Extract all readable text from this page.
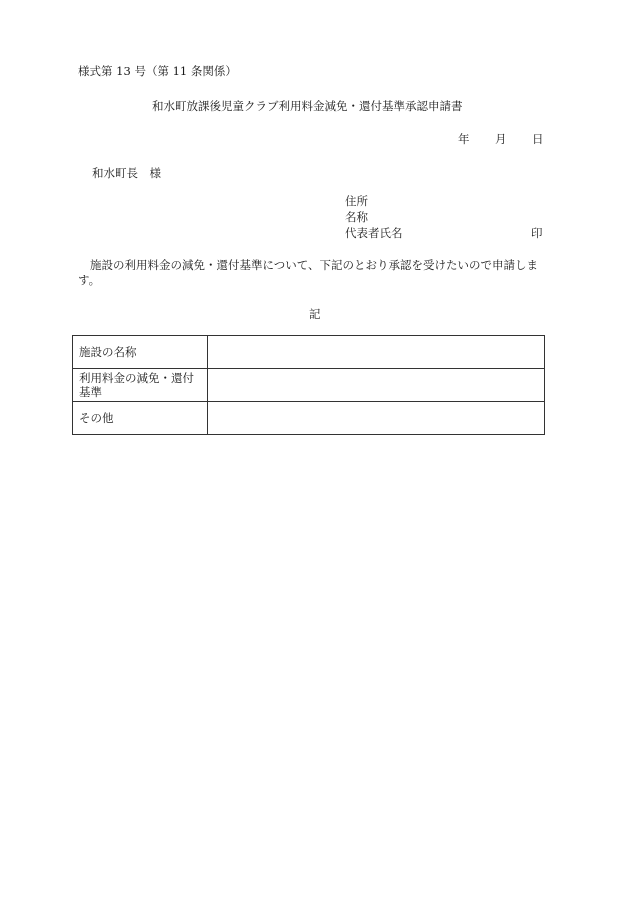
様式第 13 号（第 11 条関係）
和水町放課後児童クラブ利用料金減免・還付基準承認申請書
年 月 日
和水町長　様
住所
名称
代表者氏名	印
施設の利用料金の減免・還付基準について、下記のとおり承認を受けたいので申請します。
記
施設の名称	
利用料金の減免・還付基準	
その他	
